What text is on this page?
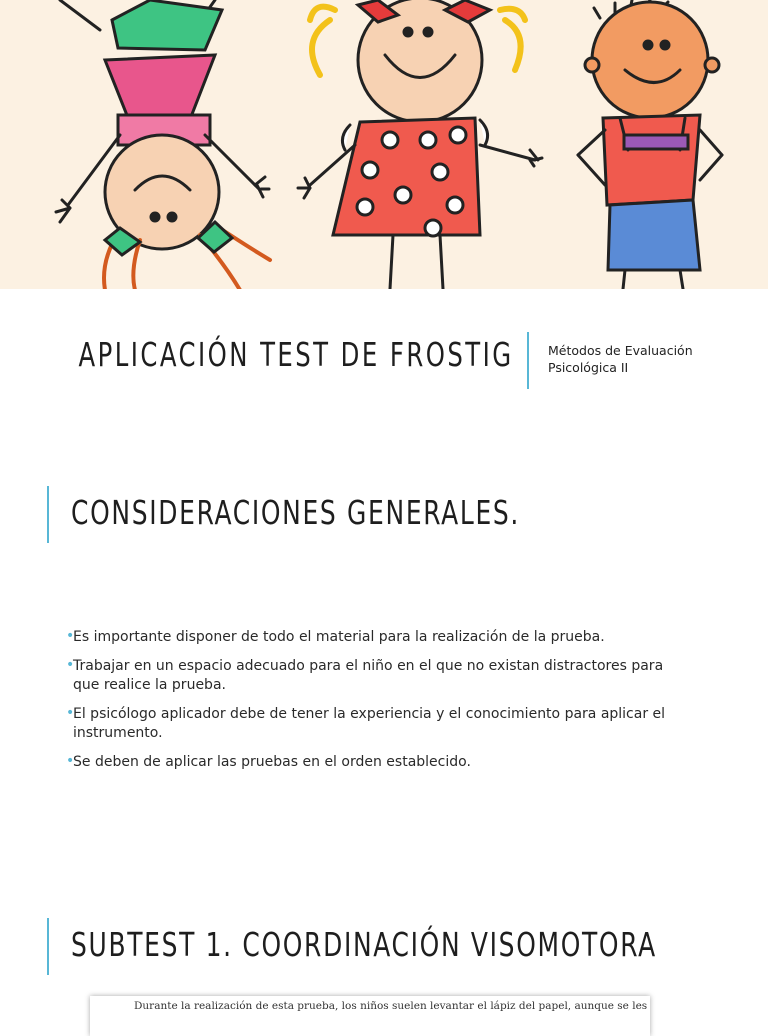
APLICACIÓN TEST DE FROSTIG	Métodos de Evaluación
Psicológica II
CONSIDERACIONES GENERALES.
•
Es importante disponer de todo el material para la realización de la prueba.
•
Trabajar en un espacio adecuado para el niño en el que no existan distractores para que realice la prueba.
•
El psicólogo aplicador debe de tener la experiencia y el conocimiento para aplicar el instrumento.
•
Se deben de aplicar las pruebas en el orden establecido.
SUBTEST 1. COORDINACIÓN VISOMOTORA

Durante la realización de esta prueba, los niños suelen levantar el lápiz del papel, aunque se les
